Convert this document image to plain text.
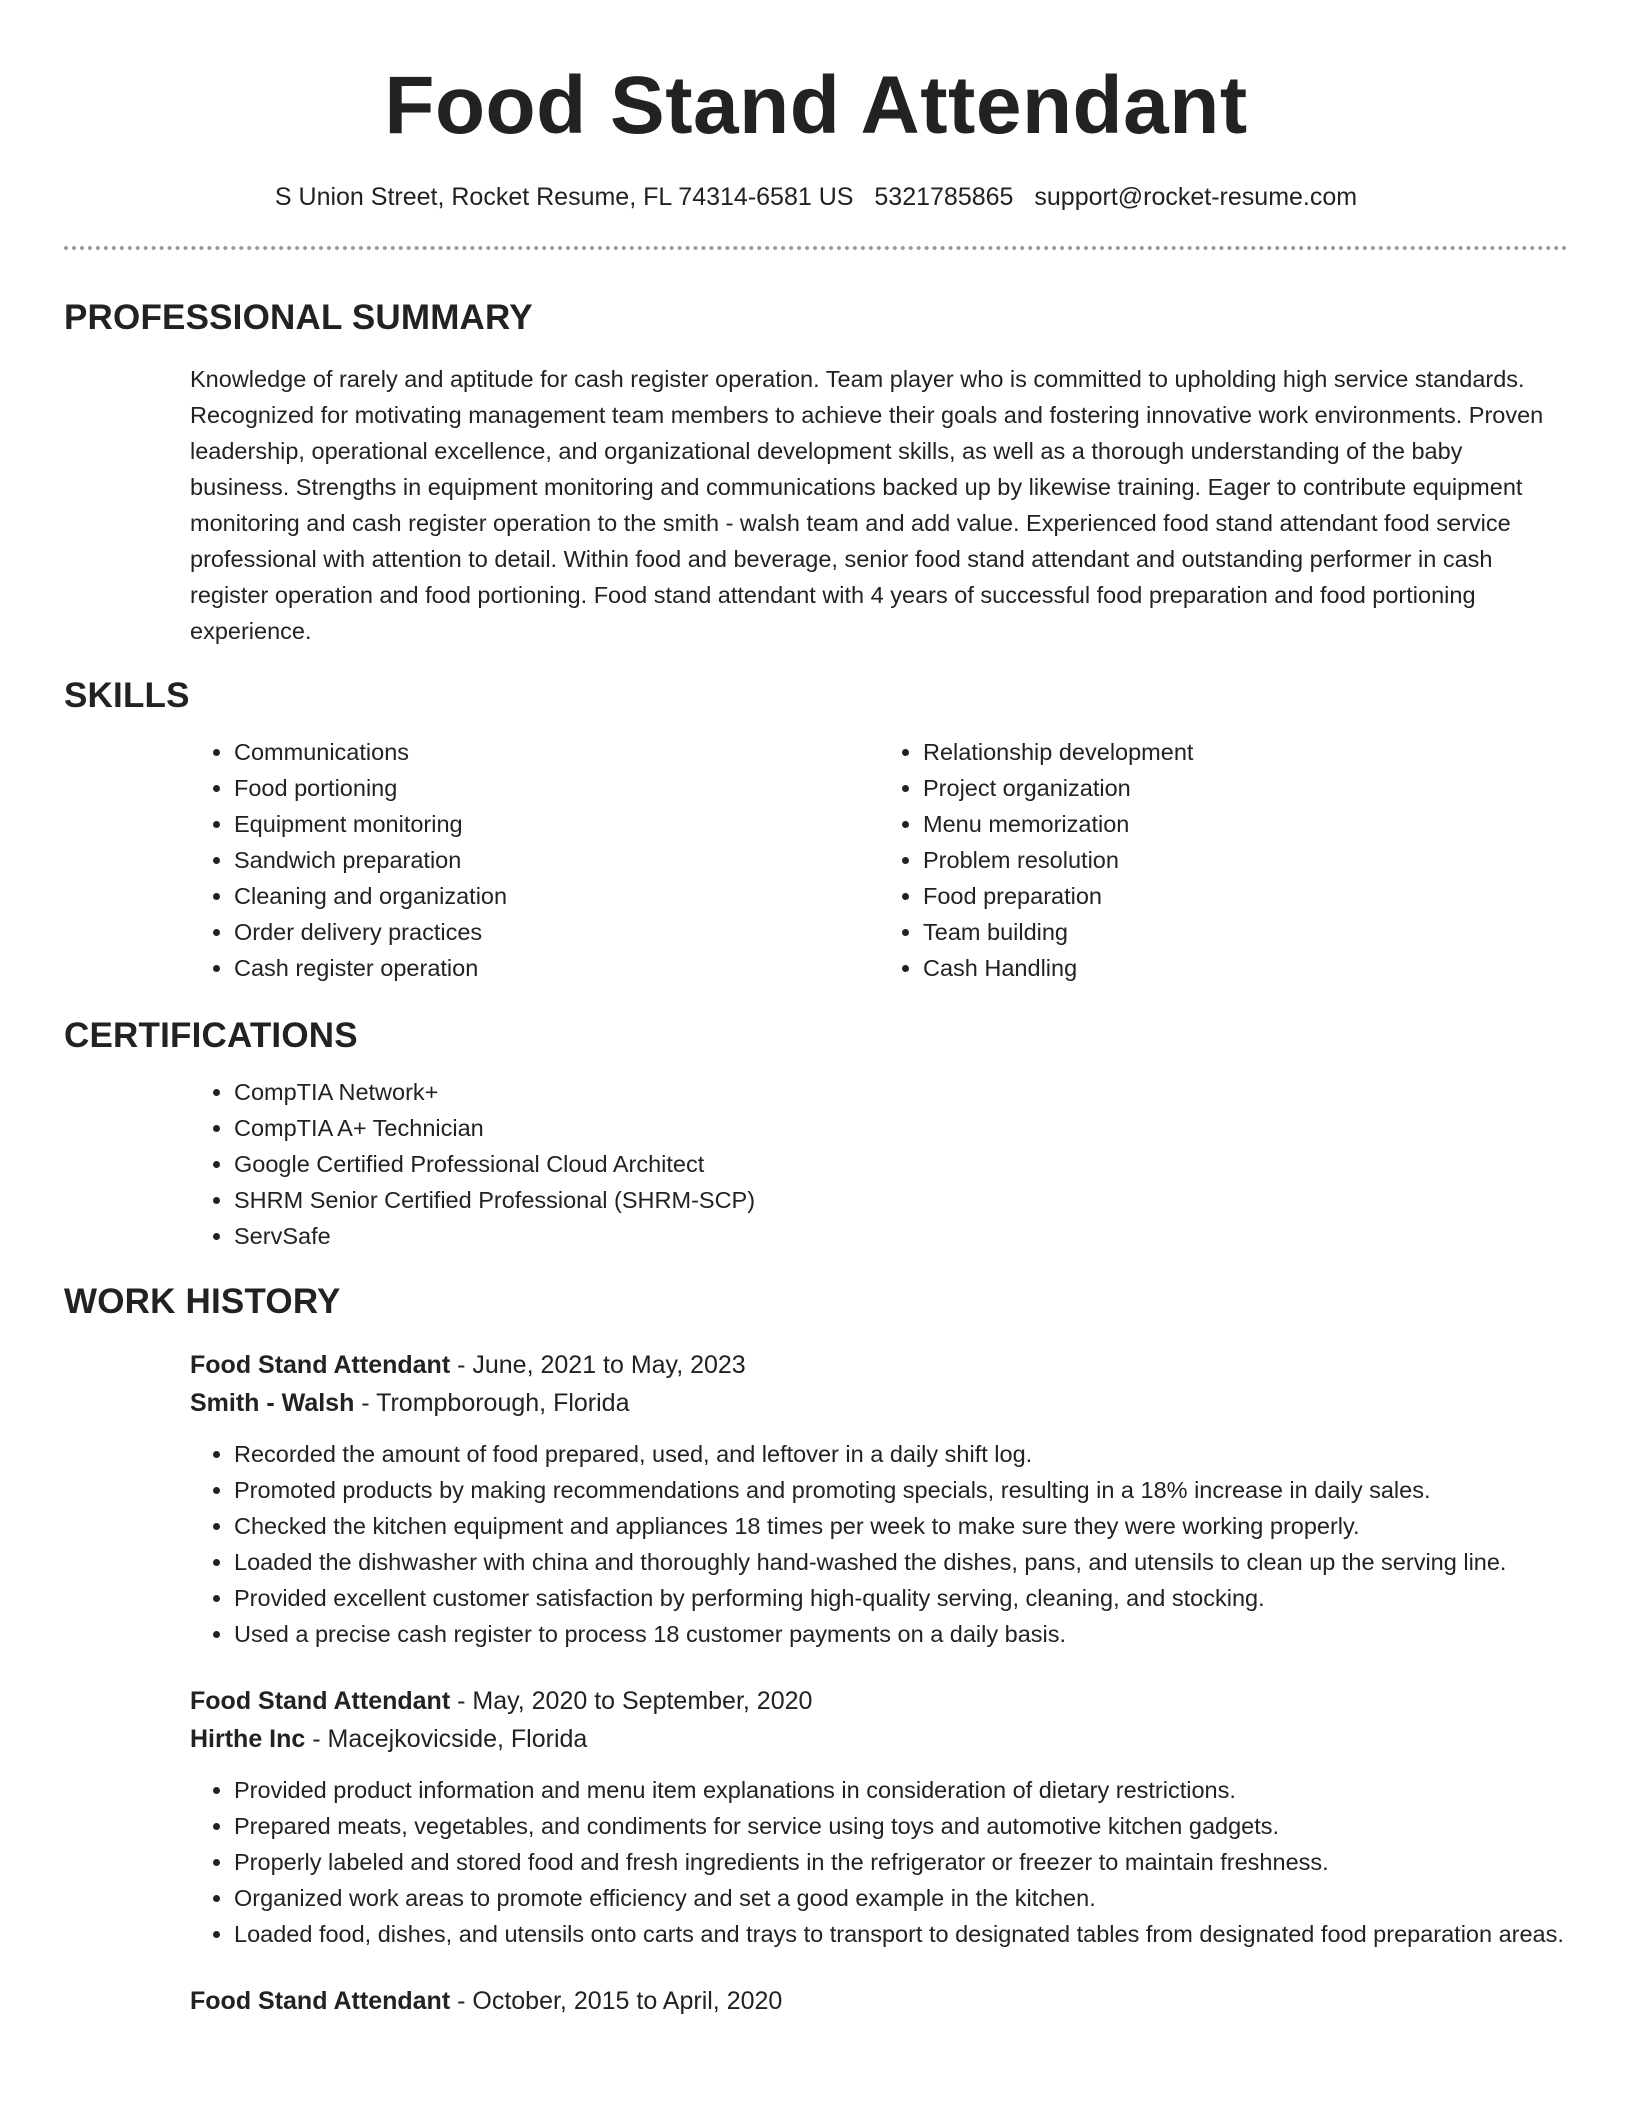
Food Stand Attendant
S Union Street, Rocket Resume, FL 74314-6581 US 5321785865 support@rocket-resume.com
PROFESSIONAL SUMMARY

Knowledge of rarely and aptitude for cash register operation. Team player who is committed to upholding high service standards. Recognized for motivating management team members to achieve their goals and fostering innovative work environments. Proven leadership, operational excellence, and organizational development skills, as well as a thorough understanding of the baby business. Strengths in equipment monitoring and communications backed up by likewise training. Eager to contribute equipment monitoring and cash register operation to the smith - walsh team and add value. Experienced food stand attendant food service professional with attention to detail. Within food and beverage, senior food stand attendant and outstanding performer in cash register operation and food portioning. Food stand attendant with 4 years of successful food preparation and food portioning experience.

SKILLS
• Communications
• Food portioning
• Equipment monitoring
• Sandwich preparation
• Cleaning and organization
• Order delivery practices
• Cash register operation
• Relationship development
• Project organization
• Menu memorization
• Problem resolution
• Food preparation
• Team building
• Cash Handling
CERTIFICATIONS
• CompTIA Network+
• CompTIA A+ Technician
• Google Certified Professional Cloud Architect
• SHRM Senior Certified Professional (SHRM-SCP)
• ServSafe
WORK HISTORY
Food Stand Attendant - June, 2021 to May, 2023
Smith - Walsh - Trompborough, Florida
• Recorded the amount of food prepared, used, and leftover in a daily shift log.
• Promoted products by making recommendations and promoting specials, resulting in a 18% increase in daily sales.
• Checked the kitchen equipment and appliances 18 times per week to make sure they were working properly.
• Loaded the dishwasher with china and thoroughly hand-washed the dishes, pans, and utensils to clean up the serving line.
• Provided excellent customer satisfaction by performing high-quality serving, cleaning, and stocking.
• Used a precise cash register to process 18 customer payments on a daily basis.
Food Stand Attendant - May, 2020 to September, 2020
Hirthe Inc - Macejkovicside, Florida
• Provided product information and menu item explanations in consideration of dietary restrictions.
• Prepared meats, vegetables, and condiments for service using toys and automotive kitchen gadgets.
• Properly labeled and stored food and fresh ingredients in the refrigerator or freezer to maintain freshness.
• Organized work areas to promote efficiency and set a good example in the kitchen.
• Loaded food, dishes, and utensils onto carts and trays to transport to designated tables from designated food preparation areas.
Food Stand Attendant - October, 2015 to April, 2020
